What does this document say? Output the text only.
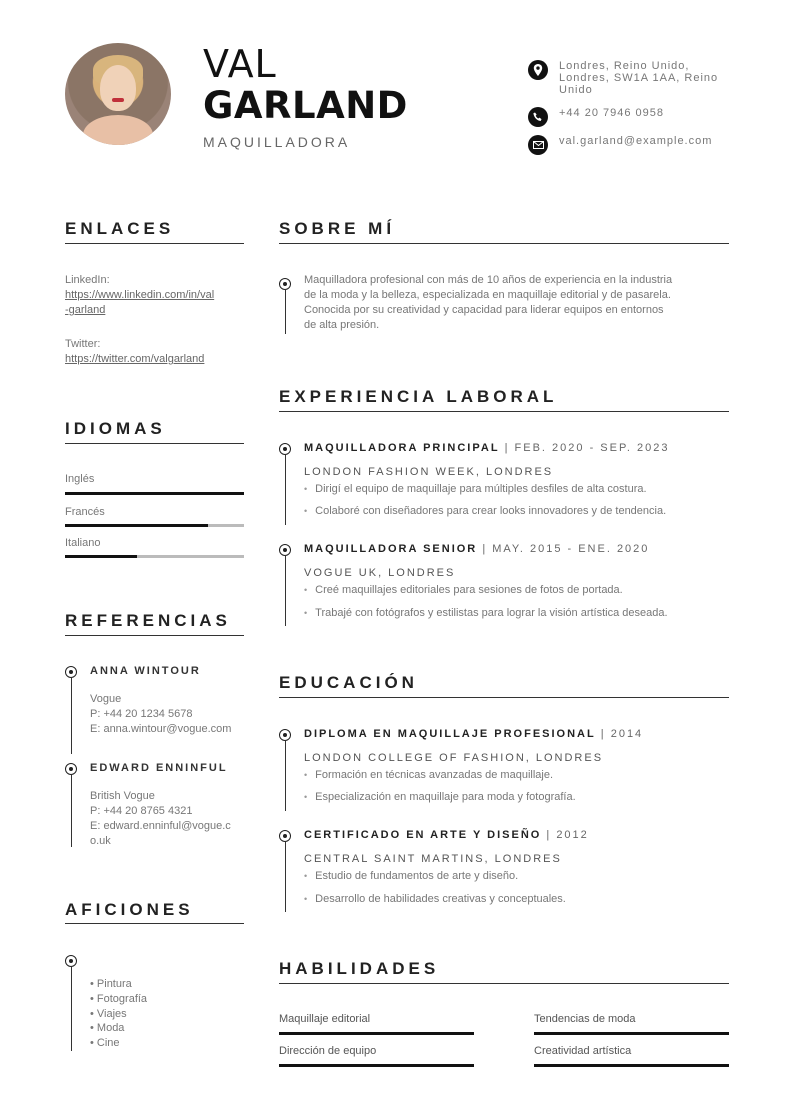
VAL
GARLAND
MAQUILLADORA
Londres, Reino Unido,
Londres, SW1A 1AA, Reino
Unido
+44 20 7946 0958
val.garland@example.com
ENLACES
LinkedIn:
https://www.linkedin.com/in/val
-garland
Twitter:
https://twitter.com/valgarland
IDIOMAS
Inglés
Francés
Italiano
REFERENCIAS
ANNA WINTOUR
Vogue
P: +44 20 1234 5678
E: anna.wintour@vogue.com
EDWARD ENNINFUL
British Vogue
P: +44 20 8765 4321
E: edward.enninful@vogue.c
o.uk
AFICIONES
• Pintura
• Fotografía
• Viajes
• Moda
• Cine
SOBRE MÍ
Maquilladora profesional con más de 10 años de experiencia en la industria
de la moda y la belleza, especializada en maquillaje editorial y de pasarela.
Conocida por su creatividad y capacidad para liderar equipos en entornos
de alta presión.
EXPERIENCIA LABORAL
MAQUILLADORA PRINCIPAL | FEB. 2020 - SEP. 2023
LONDON FASHION WEEK, LONDRES
• Dirigí el equipo de maquillaje para múltiples desfiles de alta costura.
• Colaboré con diseñadores para crear looks innovadores y de tendencia.
MAQUILLADORA SENIOR | MAY. 2015 - ENE. 2020
VOGUE UK, LONDRES
• Creé maquillajes editoriales para sesiones de fotos de portada.
• Trabajé con fotógrafos y estilistas para lograr la visión artística deseada.
EDUCACIÓN
DIPLOMA EN MAQUILLAJE PROFESIONAL | 2014
LONDON COLLEGE OF FASHION, LONDRES
• Formación en técnicas avanzadas de maquillaje.
• Especialización en maquillaje para moda y fotografía.
CERTIFICADO EN ARTE Y DISEÑO | 2012
CENTRAL SAINT MARTINS, LONDRES
• Estudio de fundamentos de arte y diseño.
• Desarrollo de habilidades creativas y conceptuales.
HABILIDADES
Maquillaje editorial	Tendencias de moda
Dirección de equipo	Creatividad artística
